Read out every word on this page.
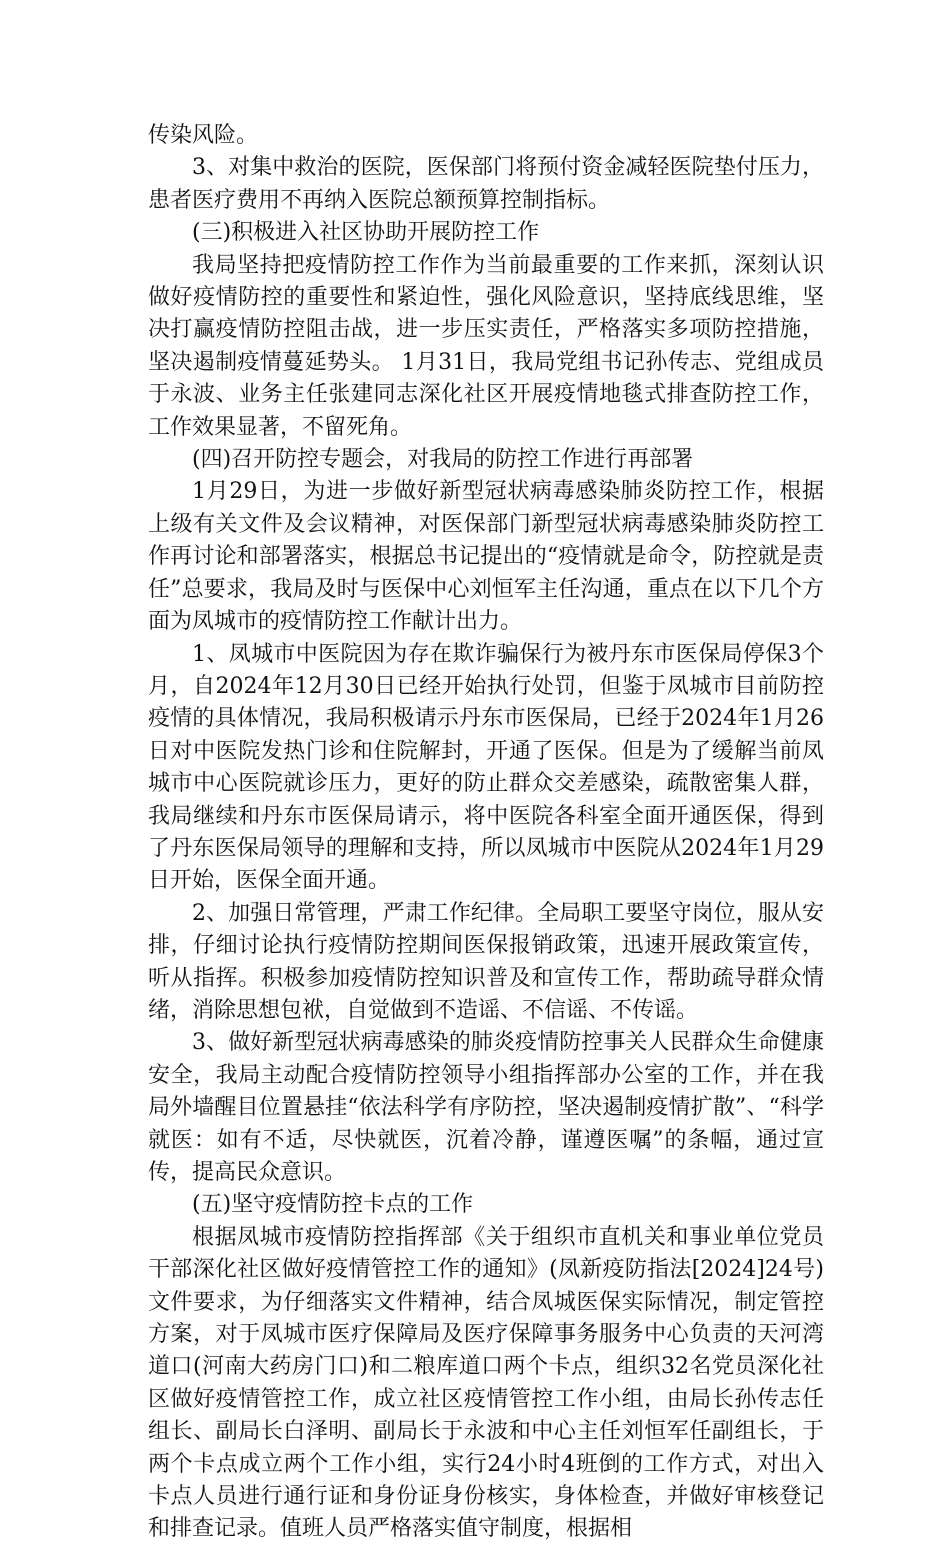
传染风险。

3、对集中救治的医院，医保部门将预付资金减轻医院垫付压力，患者医疗费用不再纳入医院总额预算控制指标。

(三)积极进入社区协助开展防控工作

我局坚持把疫情防控工作作为当前最重要的工作来抓，深刻认识做好疫情防控的重要性和紧迫性，强化风险意识，坚持底线思维，坚决打赢疫情防控阻击战，进一步压实责任，严格落实多项防控措施，坚决遏制疫情蔓延势头。 1月31日，我局党组书记孙传志、党组成员于永波、业务主任张建同志深化社区开展疫情地毯式排查防控工作，工作效果显著，不留死角。

(四)召开防控专题会，对我局的防控工作进行再部署

1月29日，为进一步做好新型冠状病毒感染肺炎防控工作，根据上级有关文件及会议精神，对医保部门新型冠状病毒感染肺炎防控工作再讨论和部署落实，根据总书记提出的“疫情就是命令，防控就是责任”总要求，我局及时与医保中心刘恒军主任沟通，重点在以下几个方面为凤城市的疫情防控工作献计出力。

1、凤城市中医院因为存在欺诈骗保行为被丹东市医保局停保3个月，自2024年12月30日已经开始执行处罚，但鉴于凤城市目前防控疫情的具体情况，我局积极请示丹东市医保局，已经于2024年1月26日对中医院发热门诊和住院解封，开通了医保。但是为了缓解当前凤城市中心医院就诊压力，更好的防止群众交差感染，疏散密集人群，我局继续和丹东市医保局请示，将中医院各科室全面开通医保，得到了丹东医保局领导的理解和支持，所以凤城市中医院从2024年1月29日开始，医保全面开通。

2、加强日常管理，严肃工作纪律。全局职工要坚守岗位，服从安排，仔细讨论执行疫情防控期间医保报销政策，迅速开展政策宣传，听从指挥。积极参加疫情防控知识普及和宣传工作，帮助疏导群众情绪，消除思想包袱，自觉做到不造谣、不信谣、不传谣。

3、做好新型冠状病毒感染的肺炎疫情防控事关人民群众生命健康安全，我局主动配合疫情防控领导小组指挥部办公室的工作，并在我局外墙醒目位置悬挂“依法科学有序防控，坚决遏制疫情扩散”、“科学就医：如有不适，尽快就医，沉着冷静，谨遵医嘱”的条幅，通过宣传，提高民众意识。

(五)坚守疫情防控卡点的工作

根据凤城市疫情防控指挥部《关于组织市直机关和事业单位党员干部深化社区做好疫情管控工作的通知》(凤新疫防指法[2024]24号)文件要求，为仔细落实文件精神，结合凤城医保实际情况，制定管控方案，对于凤城市医疗保障局及医疗保障事务服务中心负责的天河湾道口(河南大药房门口)和二粮库道口两个卡点，组织32名党员深化社区做好疫情管控工作，成立社区疫情管控工作小组，由局长孙传志任组长、副局长白泽明、副局长于永波和中心主任刘恒军任副组长，于两个卡点成立两个工作小组，实行24小时4班倒的工作方式，对出入卡点人员进行通行证和身份证身份核实，身体检查，并做好审核登记和排查记录。值班人员严格落实值守制度，根据相
